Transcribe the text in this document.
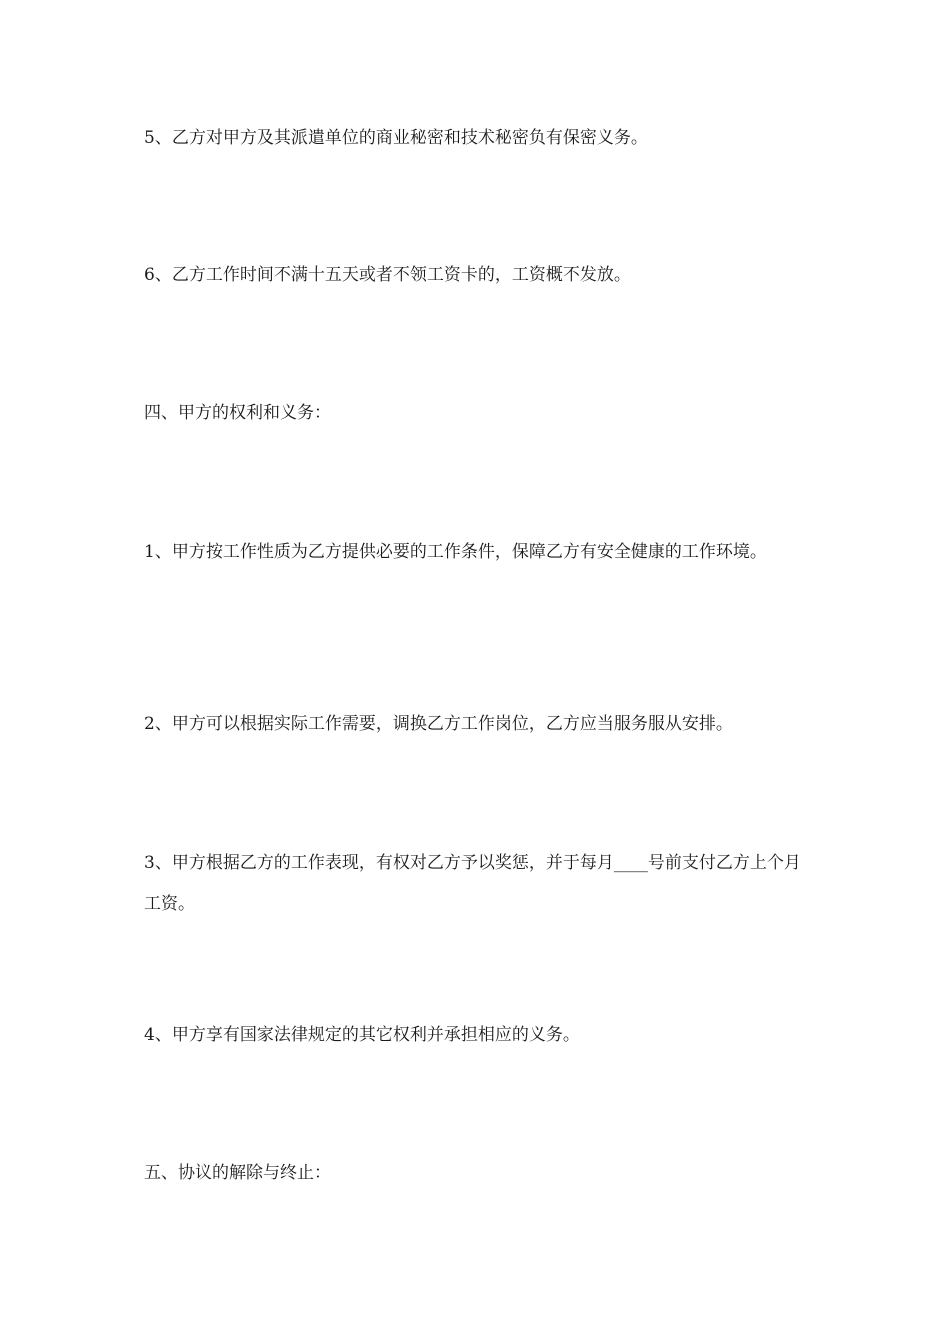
5、乙方对甲方及其派遣单位的商业秘密和技术秘密负有保密义务。

6、乙方工作时间不满十五天或者不领工资卡的，工资概不发放。

四、甲方的权利和义务：

1、甲方按工作性质为乙方提供必要的工作条件，保障乙方有安全健康的工作环境。

2、甲方可以根据实际工作需要，调换乙方工作岗位，乙方应当服务服从安排。

3、甲方根据乙方的工作表现，有权对乙方予以奖惩，并于每月____号前支付乙方上个月工资。

4、甲方享有国家法律规定的其它权利并承担相应的义务。

五、协议的解除与终止：
